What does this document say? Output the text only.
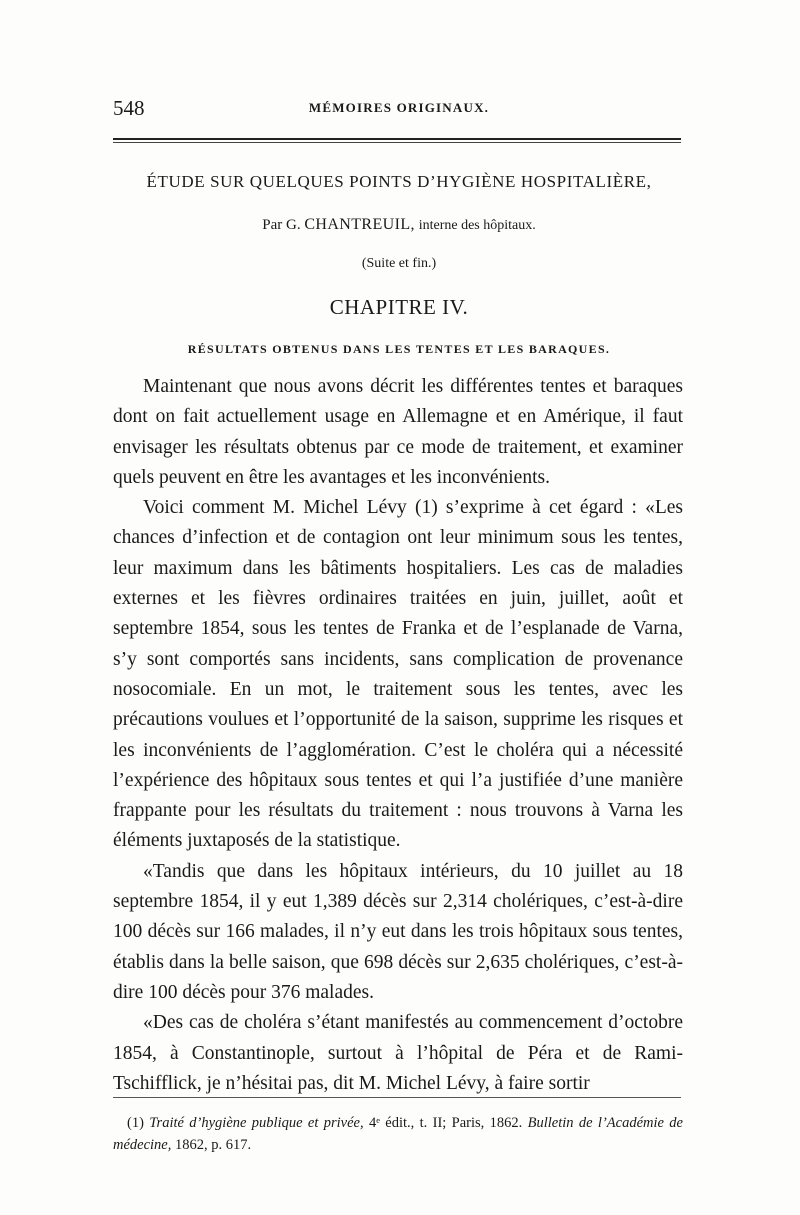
548	MÉMOIRES ORIGINAUX.
ÉTUDE SUR QUELQUES POINTS D’HYGIÈNE HOSPITALIÈRE,
Par G. CHANTREUIL, interne des hôpitaux.
(Suite et fin.)
CHAPITRE IV.
RÉSULTATS OBTENUS DANS LES TENTES ET LES BARAQUES.

Maintenant que nous avons décrit les différentes tentes et baraques dont on fait actuellement usage en Allemagne et en Amérique, il faut envisager les résultats obtenus par ce mode de traitement, et examiner quels peuvent en être les avantages et les inconvénients.

Voici comment M. Michel Lévy (1) s’exprime à cet égard : «Les chances d’infection et de contagion ont leur minimum sous les tentes, leur maximum dans les bâtiments hospitaliers. Les cas de maladies externes et les fièvres ordinaires traitées en juin, juillet, août et septembre 1854, sous les tentes de Franka et de l’esplanade de Varna, s’y sont comportés sans incidents, sans complication de provenance nosocomiale. En un mot, le traitement sous les tentes, avec les précautions voulues et l’opportunité de la saison, supprime les risques et les inconvénients de l’agglomération. C’est le choléra qui a nécessité l’expérience des hôpitaux sous tentes et qui l’a justifiée d’une manière frappante pour les résultats du traitement : nous trouvons à Varna les éléments juxtaposés de la statistique.

«Tandis que dans les hôpitaux intérieurs, du 10 juillet au 18 septembre 1854, il y eut 1,389 décès sur 2,314 cholériques, c’est-à-dire 100 décès sur 166 malades, il n’y eut dans les trois hôpitaux sous tentes, établis dans la belle saison, que 698 décès sur 2,635 cholériques, c’est-à-dire 100 décès pour 376 malades.

«Des cas de choléra s’étant manifestés au commencement d’octobre 1854, à Constantinople, surtout à l’hôpital de Péra et de Rami-Tschifflick, je n’hésitai pas, dit M. Michel Lévy, à faire sortir

(1) Traité d’hygiène publique et privée, 4ᵉ édit., t. II; Paris, 1862. Bulletin de l’Académie de médecine, 1862, p. 617.
